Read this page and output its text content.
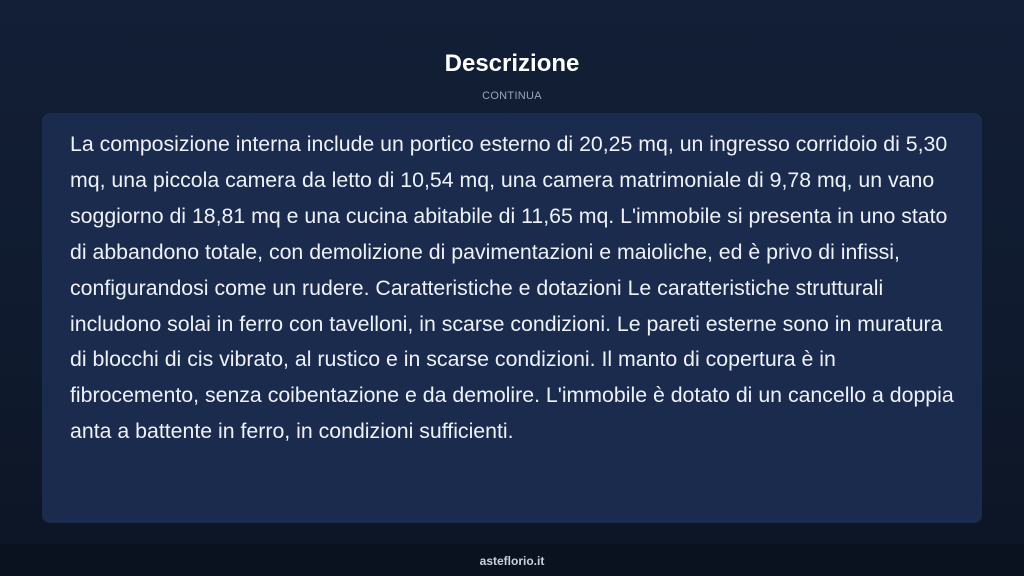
Descrizione
CONTINUA

La composizione interna include un portico esterno di 20,25 mq, un ingresso corridoio di 5,30 mq, una piccola camera da letto di 10,54 mq, una camera matrimoniale di 9,78 mq, un vano soggiorno di 18,81 mq e una cucina abitabile di 11,65 mq. L'immobile si presenta in uno stato di abbandono totale, con demolizione di pavimentazioni e maioliche, ed è privo di infissi, configurandosi come un rudere. Caratteristiche e dotazioni Le caratteristiche strutturali includono solai in ferro con tavelloni, in scarse condizioni. Le pareti esterne sono in muratura di blocchi di cis vibrato, al rustico e in scarse condizioni. Il manto di copertura è in fibrocemento, senza coibentazione e da demolire. L'immobile è dotato di un cancello a doppia anta a battente in ferro, in condizioni sufficienti.

asteflorio.it
